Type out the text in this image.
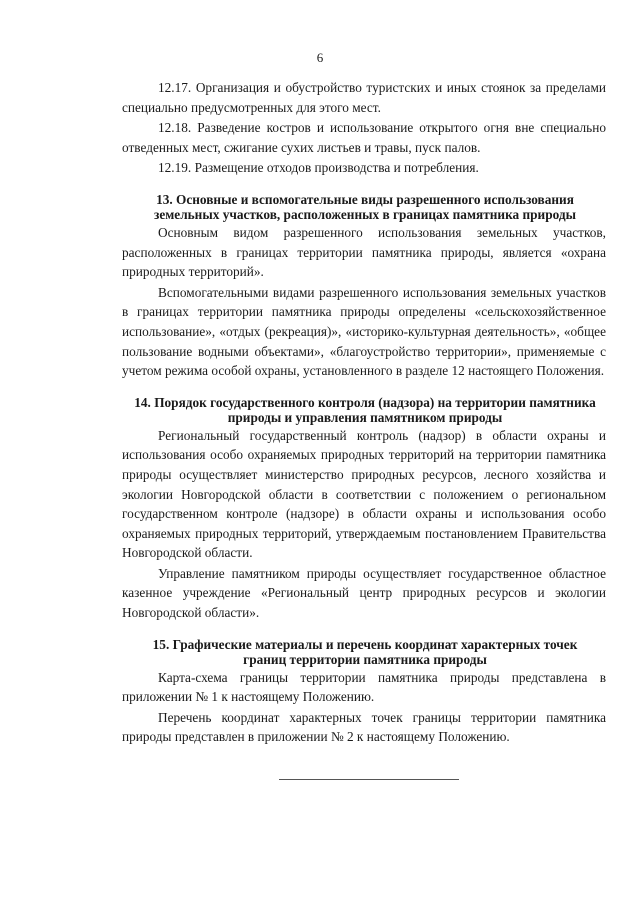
6

12.17. Организация и обустройство туристских и иных стоянок за пределами специально предусмотренных для этого мест.

12.18. Разведение костров и использование открытого огня вне специально отведенных мест, сжигание сухих листьев и травы, пуск палов.

12.19. Размещение отходов производства и потребления.

13. Основные и вспомогательные виды разрешенного использования земельных участков, расположенных в границах памятника природы

Основным видом разрешенного использования земельных участков, расположенных в границах территории памятника природы, является «охрана природных территорий».

Вспомогательными видами разрешенного использования земельных участков в границах территории памятника природы определены «сельскохозяйственное использование», «отдых (рекреация)», «историко-культурная деятельность», «общее пользование водными объектами», «благоустройство территории», применяемые с учетом режима особой охраны, установленного в разделе 12 настоящего Положения.

14. Порядок государственного контроля (надзора) на территории памятника природы и управления памятником природы

Региональный государственный контроль (надзор) в области охраны и использования особо охраняемых природных территорий на территории памятника природы осуществляет министерство природных ресурсов, лесного хозяйства и экологии Новгородской области в соответствии с положением о региональном государственном контроле (надзоре) в области охраны и использования особо охраняемых природных территорий, утверждаемым постановлением Правительства Новгородской области.

Управление памятником природы осуществляет государственное областное казенное учреждение «Региональный центр природных ресурсов и экологии Новгородской области».

15. Графические материалы и перечень координат характерных точек границ территории памятника природы

Карта-схема границы территории памятника природы представлена в приложении № 1 к настоящему Положению.

Перечень координат характерных точек границы территории памятника природы представлен в приложении № 2 к настоящему Положению.
